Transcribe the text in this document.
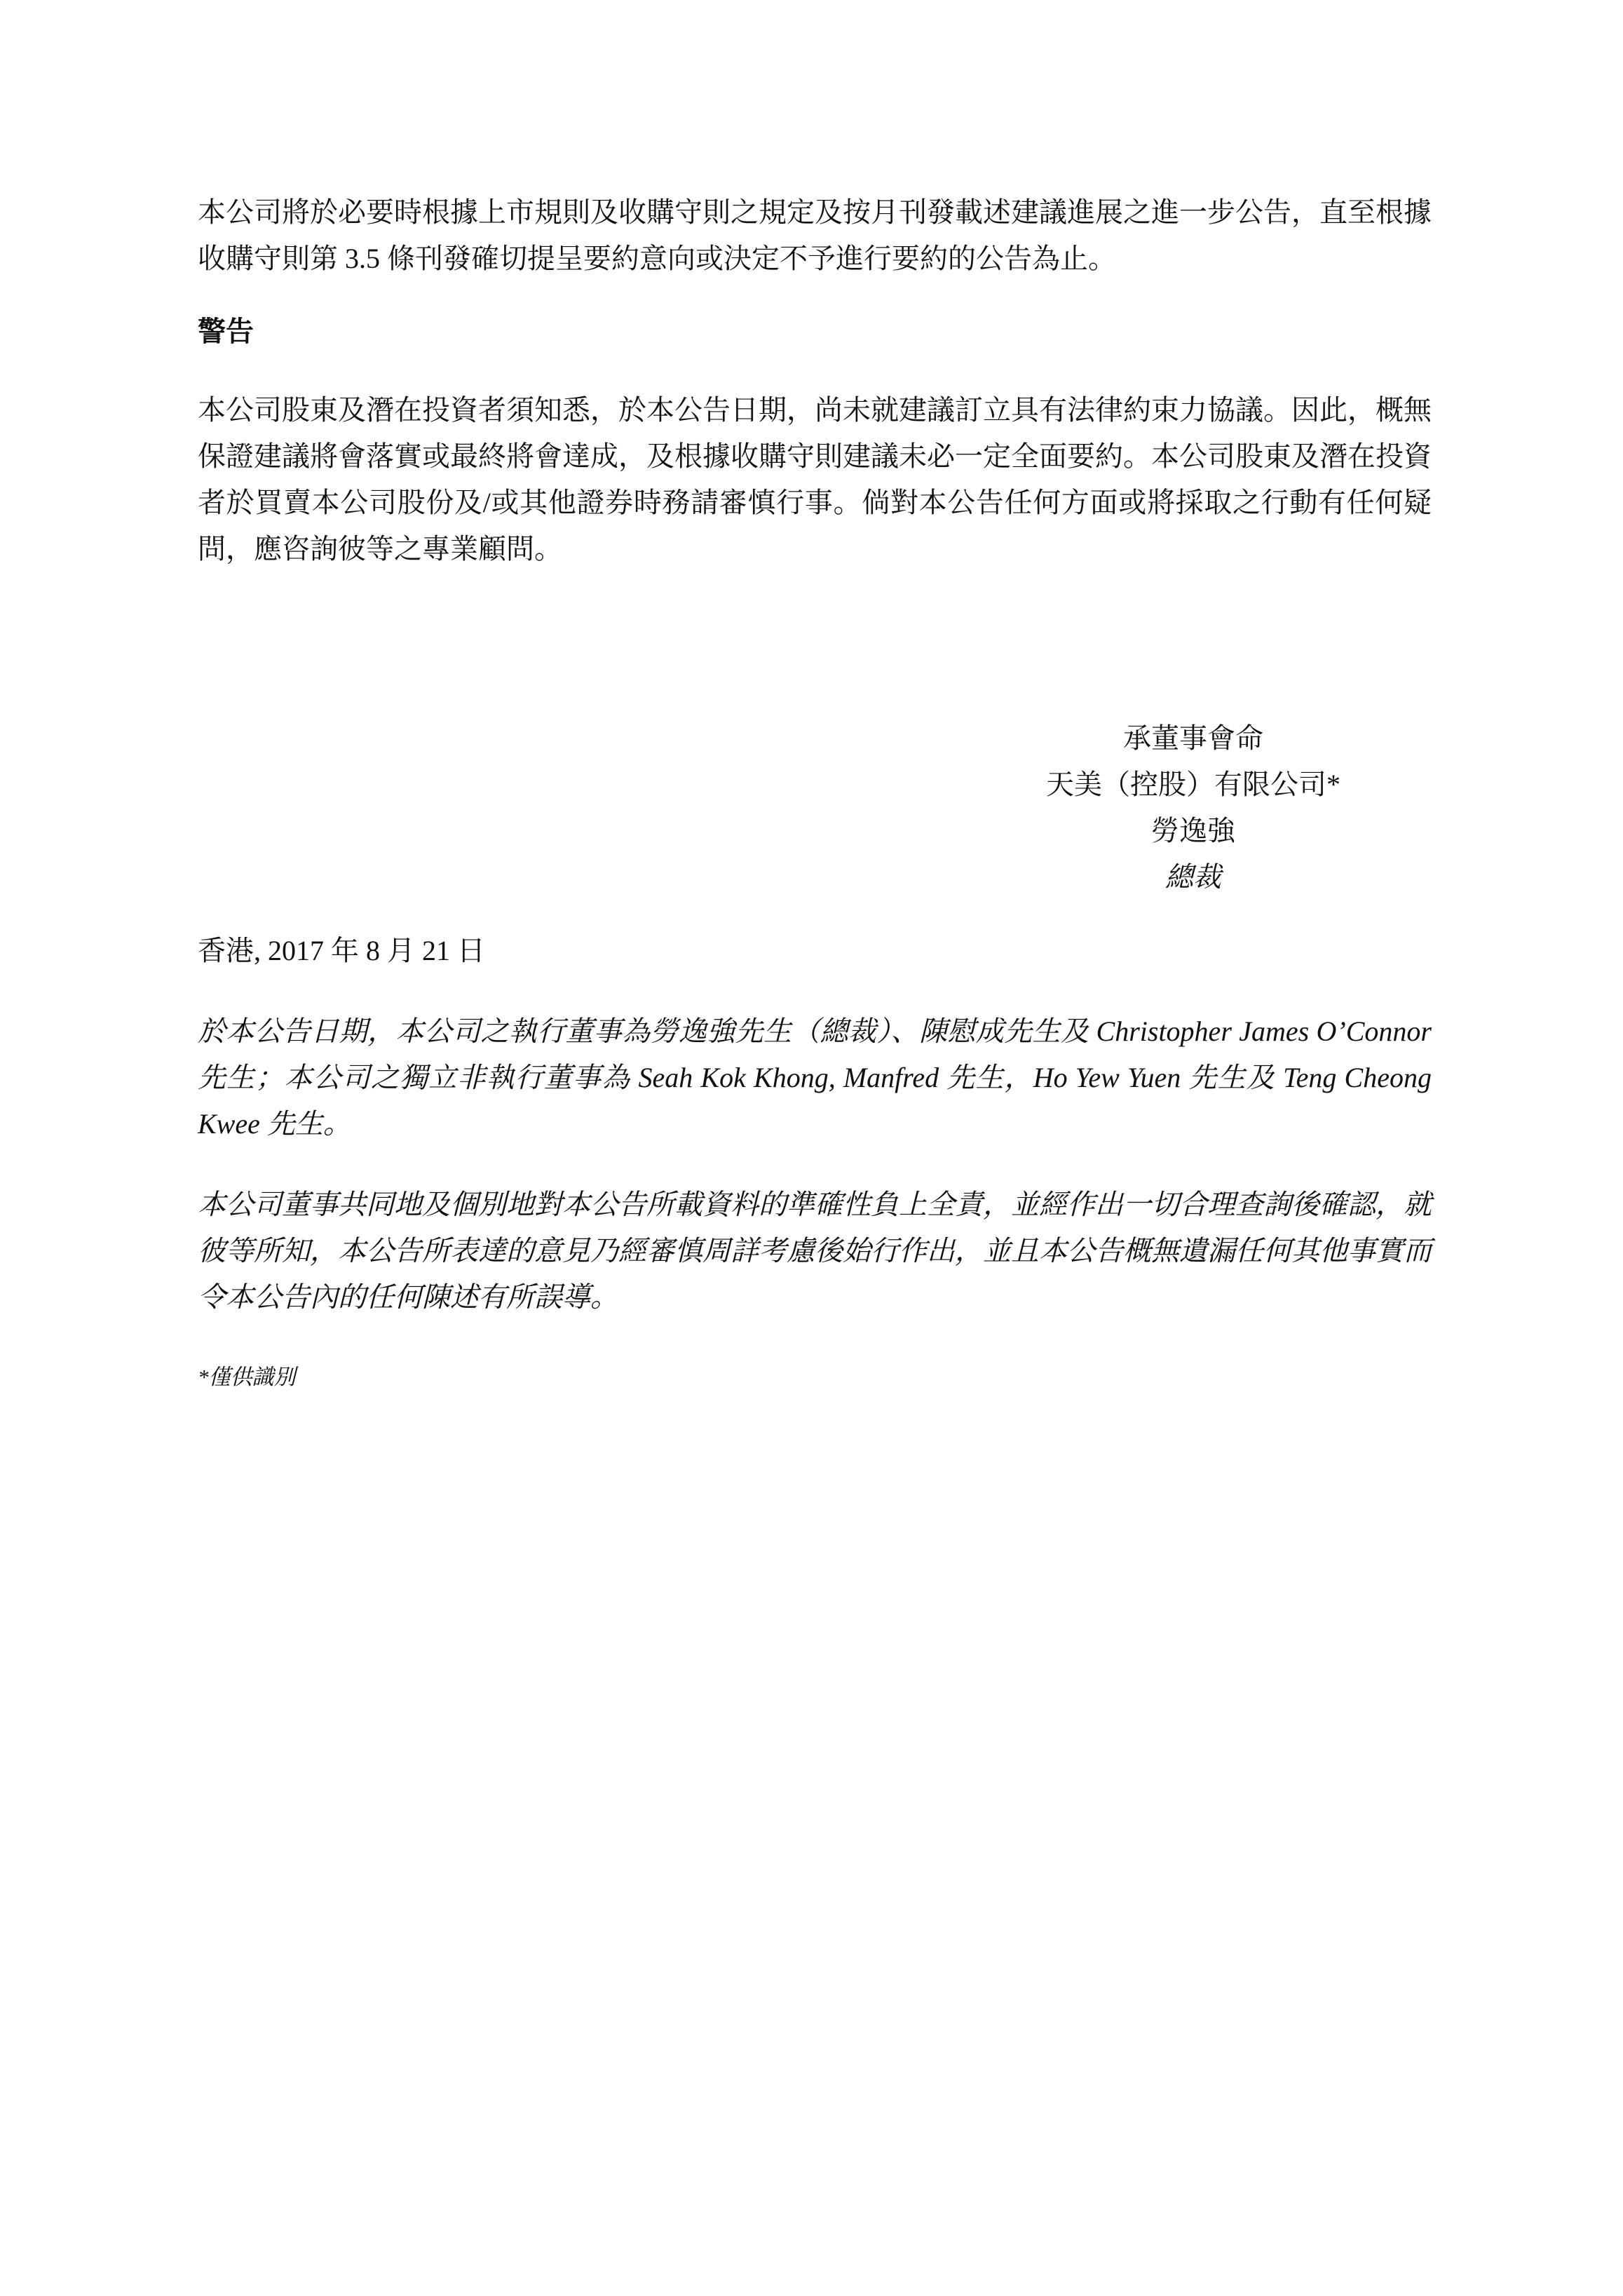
本公司將於必要時根據上市規則及收購守則之規定及按月刊發載述建議進展之進一步公告，直至根據收購守則第 3.5 條刊發確切提呈要約意向或決定不予進行要約的公告為止。

警告

本公司股東及潛在投資者須知悉，於本公告日期，尚未就建議訂立具有法律約束力協議。因此，概無保證建議將會落實或最終將會達成，及根據收購守則建議未必一定全面要約。本公司股東及潛在投資者於買賣本公司股份及/或其他證券時務請審慎行事。倘對本公告任何方面或將採取之行動有任何疑問，應咨詢彼等之專業顧問。

承董事會命
天美（控股）有限公司*
勞逸強
總裁
香港, 2017 年 8 月 21 日

於本公告日期，本公司之執行董事為勞逸強先生（總裁）、陳慰成先生及 Christopher James O’Connor 先生；本公司之獨立非執行董事為 Seah Kok Khong, Manfred 先生，Ho Yew Yuen 先生及 Teng Cheong Kwee 先生。

本公司董事共同地及個別地對本公告所載資料的準確性負上全責，並經作出一切合理查詢後確認，就彼等所知，本公告所表達的意見乃經審慎周詳考慮後始行作出，並且本公告概無遺漏任何其他事實而令本公告內的任何陳述有所誤導。

*僅供識別
